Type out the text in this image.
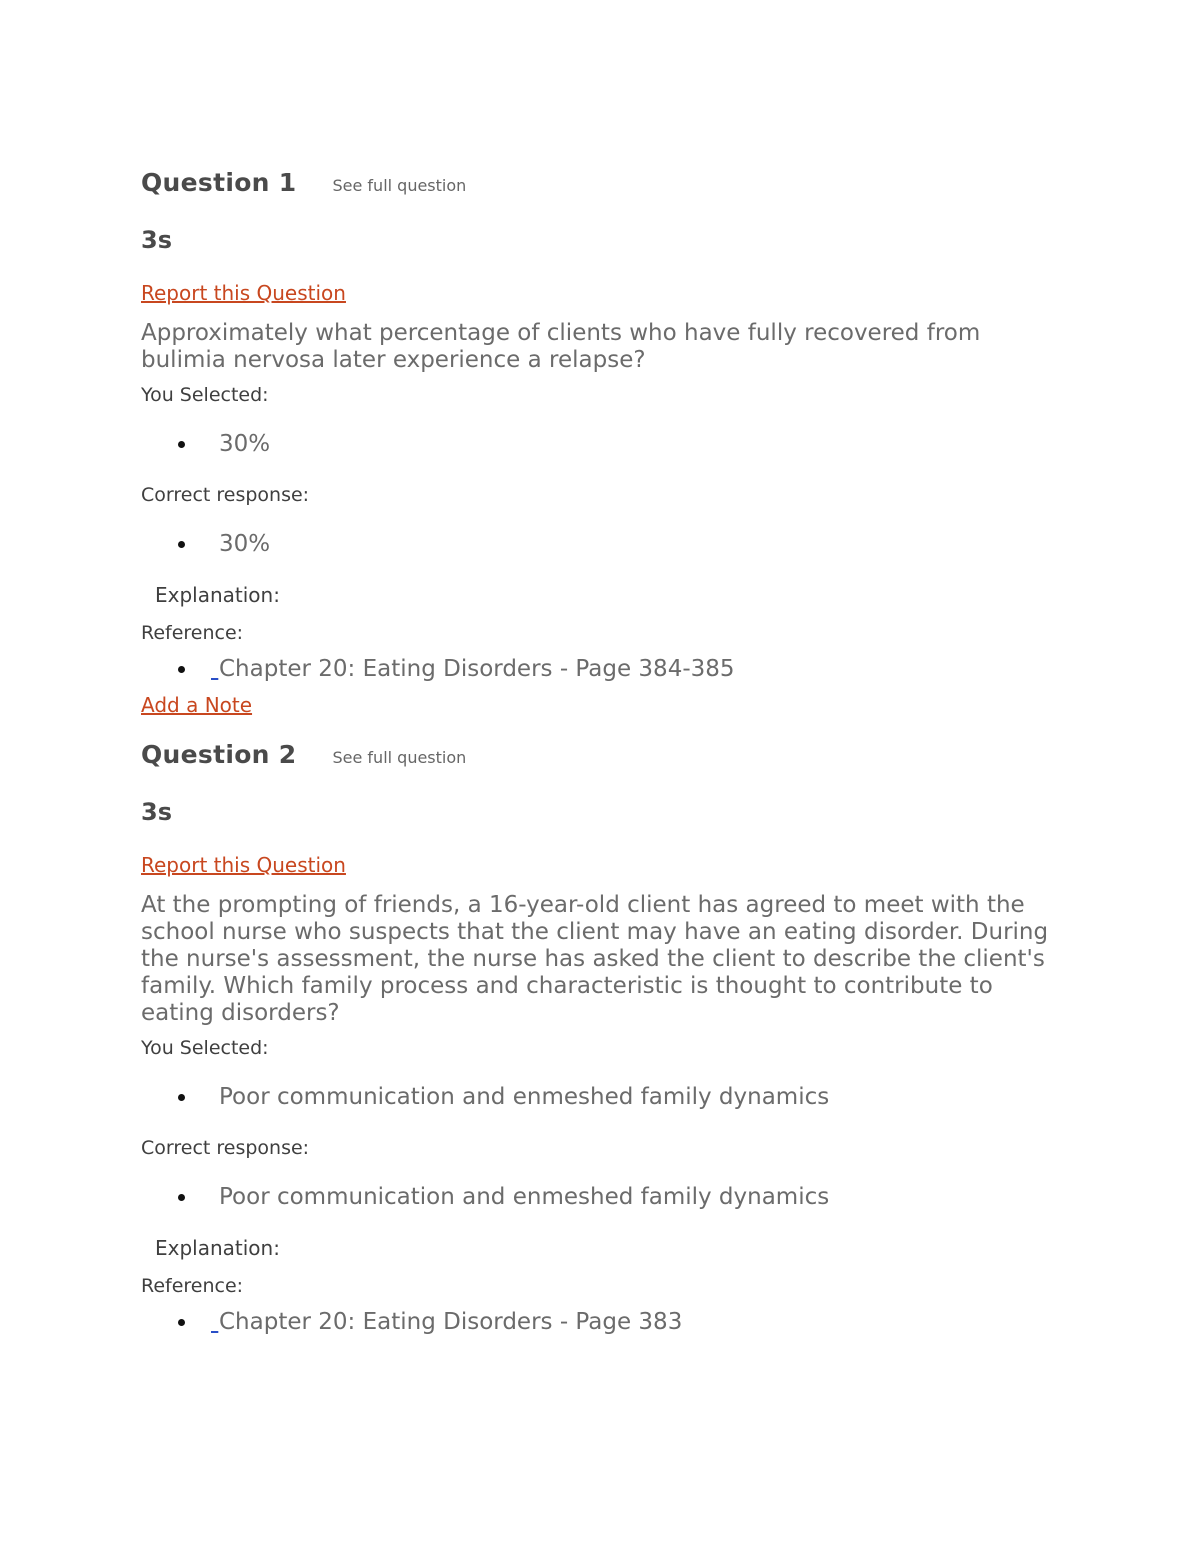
Question 1 See full question
3s
Report this Question

Approximately what percentage of clients who have fully recovered from bulimia nervosa later experience a relapse?

You Selected:
30%
Correct response:
30%
Explanation:
Reference:
Chapter 20: Eating Disorders - Page 384-385
Add a Note
Question 2 See full question
3s
Report this Question

At the prompting of friends, a 16-year-old client has agreed to meet with the school nurse who suspects that the client may have an eating disorder. During the nurse's assessment, the nurse has asked the client to describe the client's family. Which family process and characteristic is thought to contribute to eating disorders?

You Selected:
Poor communication and enmeshed family dynamics
Correct response:
Poor communication and enmeshed family dynamics
Explanation:
Reference:
Chapter 20: Eating Disorders - Page 383
